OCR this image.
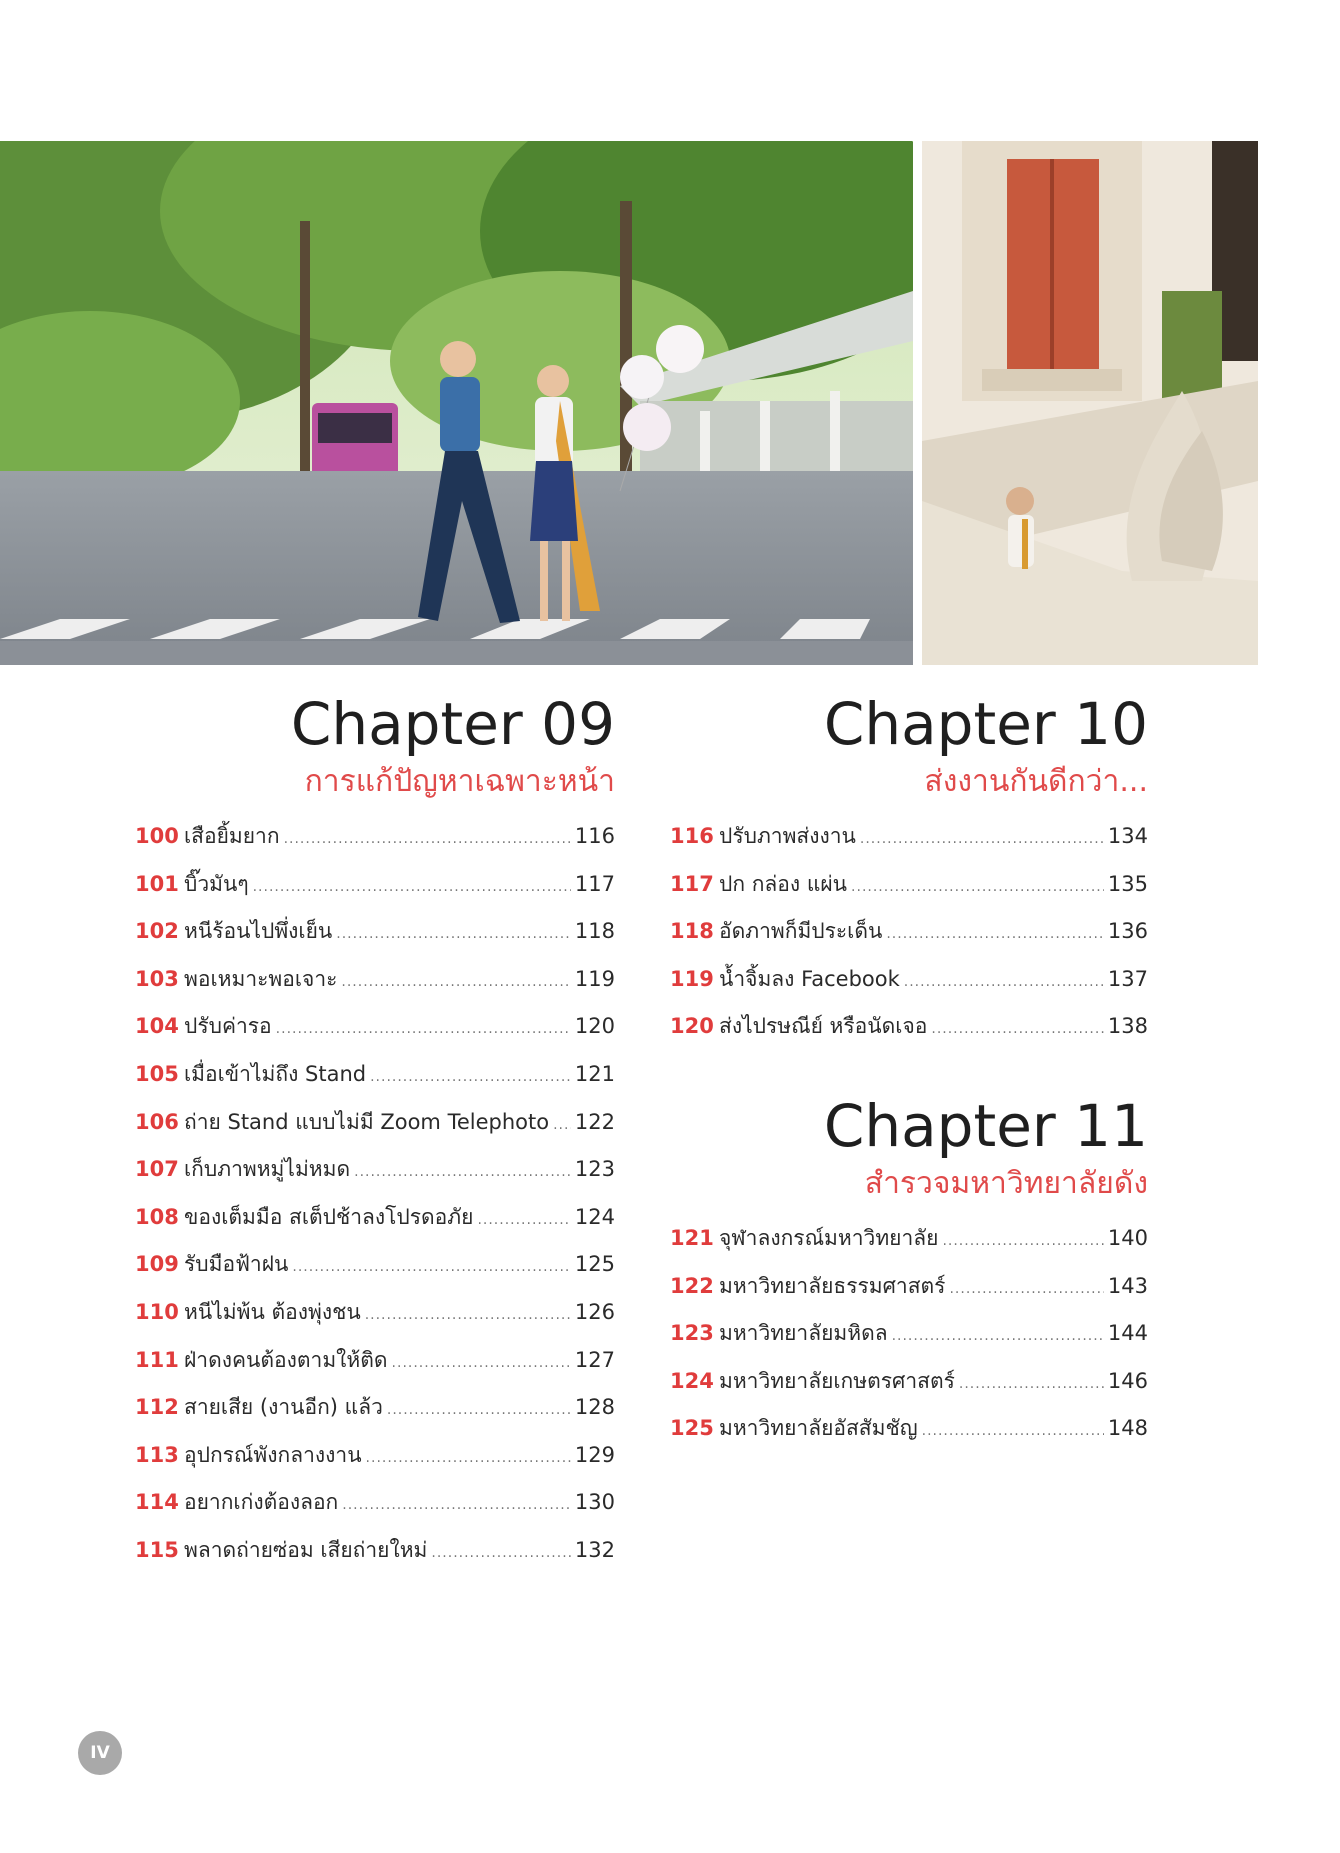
Chapter 09
การแก้ปัญหาเฉพาะหน้า
100 เสือยิ้มยาก .....	116
101 บิ๊วมันๆ .....	117
102 หนีร้อนไปพึ่งเย็น .....	118
103 พอเหมาะพอเจาะ .....	119
104 ปรับค่ารอ .....	120
105 เมื่อเข้าไม่ถึง Stand .....	121
106 ถ่าย Stand แบบไม่มี Zoom Telephoto ..... 122
107 เก็บภาพหมู่ไม่หมด .....	123
108 ของเต็มมือ สเต็ปช้าลงโปรดอภัย .....	124
109 รับมือฟ้าฝน .....	125
110 หนีไม่พ้น ต้องพุ่งชน .....	126
111 ฝ่าดงคนต้องตามให้ติด .....	127
112 สายเสีย (งานอีก) แล้ว .....	128
113 อุปกรณ์พังกลางงาน .....	129
114 อยากเก่งต้องลอก .....	130
115 พลาดถ่ายซ่อม เสียถ่ายใหม่ .....	132
Chapter 10
ส่งงานกันดีกว่า...
116 ปรับภาพส่งงาน .....	134
117 ปก กล่อง แผ่น .....	135
118 อัดภาพก็มีประเด็น .....	136
119 น้ำจิ้มลง Facebook .....	137
120 ส่งไปรษณีย์ หรือนัดเจอ .....	138
Chapter 11
สำรวจมหาวิทยาลัยดัง
121 จุฬาลงกรณ์มหาวิทยาลัย .....	140
122 มหาวิทยาลัยธรรมศาสตร์ .....	143
123 มหาวิทยาลัยมหิดล .....	144
124 มหาวิทยาลัยเกษตรศาสตร์ .....	146
125 มหาวิทยาลัยอัสสัมชัญ .....	148
IV
